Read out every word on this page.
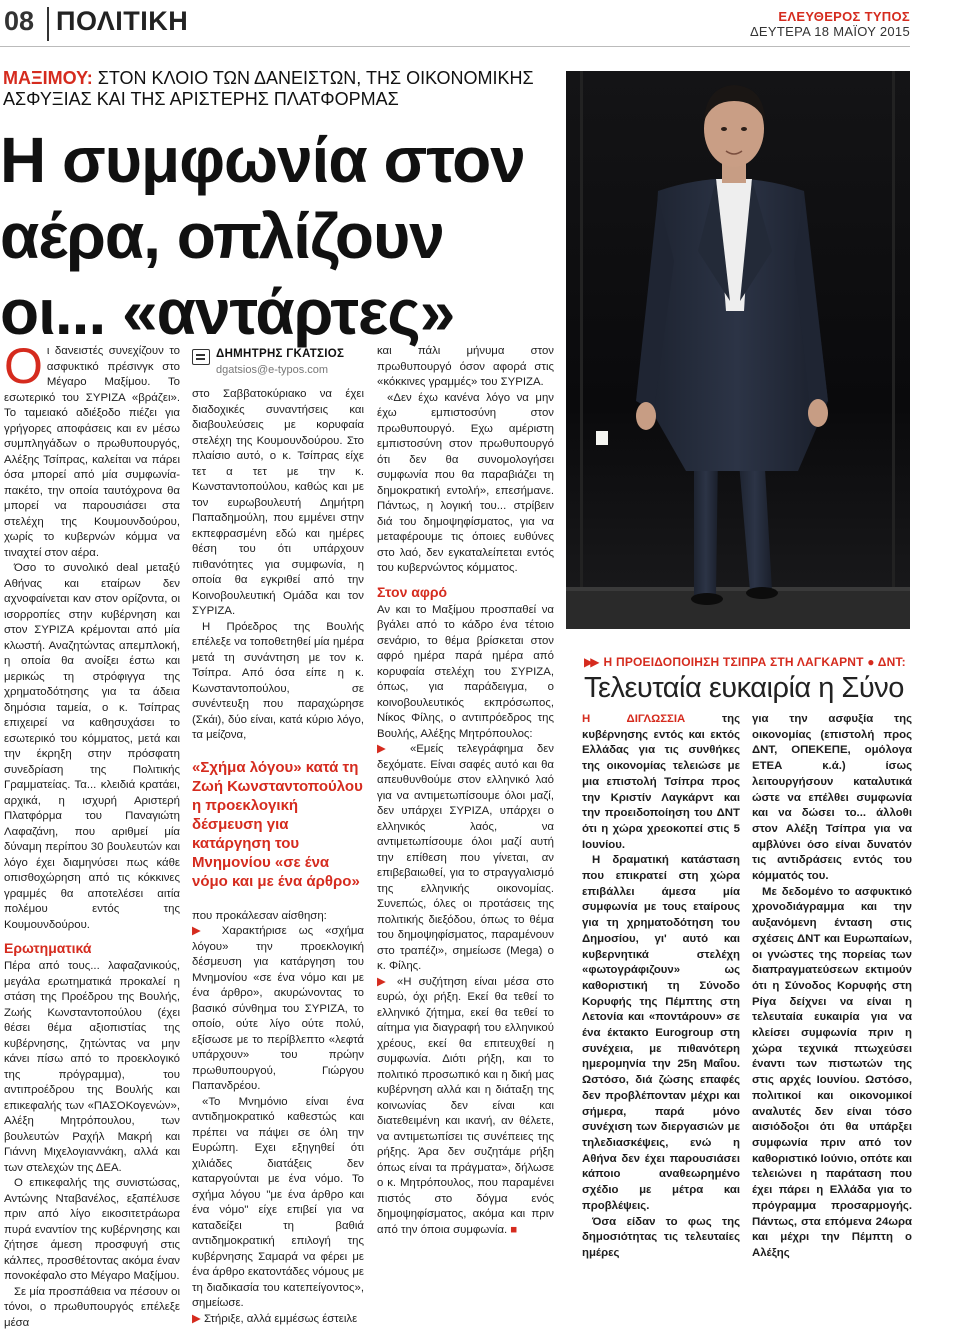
08 ΠΟΛΙΤΙΚΗ	ΕΛΕΥΘΕΡΟΣ ΤΥΠΟΣ
ΔΕΥΤΕΡΑ 18 ΜΑΪΟΥ 2015
ΜΑΞΙΜΟΥ: ΣΤΟΝ ΚΛΟΙΟ ΤΩΝ ΔΑΝΕΙΣΤΩΝ, ΤΗΣ ΟΙΚΟΝΟΜΙΚΗΣ ΑΣΦΥΞΙΑΣ ΚΑΙ ΤΗΣ ΑΡΙΣΤΕΡΗΣ ΠΛΑΤΦΟΡΜΑΣ
Η συμφωνία στον αέρα, οπλίζουν οι... «αντάρτες»

Οι δανειστές συνεχίζουν το ασφυκτικό πρέσινγκ στο Μέγαρο Μαξίμου. Το εσωτερικό του ΣΥΡΙΖΑ «βράζει». Το ταμειακό αδιέξοδο πιέζει για γρήγορες αποφάσεις και εν μέσω συμπληγάδων ο πρωθυπουργός, Αλέξης Τσίπρας, καλείται να πάρει όσα μπορεί από μία συμφωνία-πακέτο, την οποία ταυτόχρονα θα μπορεί να παρουσιάσει στα στελέχη της Κουμουνδούρου, χωρίς το κυβερνών κόμμα να τιναχτεί στον αέρα.

Όσο το συνολικό deal μεταξύ Αθήνας και εταίρων δεν αχνοφαίνεται καν στον ορίζοντα, οι ισορροπίες στην κυβέρνηση και στον ΣΥΡΙΖΑ κρέμονται από μία κλωστή. Αναζητώντας απεμπλοκή, η οποία θα ανοίξει έστω και μερικώς τη στρόφιγγα της χρηματοδότησης για τα άδεια δημόσια ταμεία, ο κ. Τσίπρας επιχειρεί να καθησυχάσει το εσωτερικό του κόμματος, μετά και την έκρηξη στην πρόσφατη συνεδρίαση της Πολιτικής Γραμματείας. Τα... κλειδιά κρατάει, αρχικά, η ισχυρή Αριστερή Πλατφόρμα του Παναγιώτη Λαφαζάνη, που αριθμεί μία δύναμη περίπου 30 βουλευτών και λόγο έχει διαμηνύσει πως κάθε οπισθοχώρηση από τις κόκκινες γραμμές θα αποτελέσει αιτία πολέμου εντός της Κουμουνδούρου.

Ερωτηματικά

Πέρα από τους... λαφαζανικούς, μεγάλα ερωτηματικά προκαλεί η στάση της Προέδρου της Βουλής, Ζωής Κωνσταντοπούλου (έχει θέσει θέμα αξιοπιστίας της κυβέρνησης, ζητώντας να μην κάνει πίσω από το προεκλογικό της πρόγραμμα), του αντιπροέδρου της Βουλής και επικεφαλής των «ΠΑΣΟΚογενών», Αλέξη Μητρόπουλου, των βουλευτών Ραχήλ Μακρή και Γιάννη Μιχελογιαννάκη, αλλά και των στελεχών της ΔΕΑ.

Ο επικεφαλής της συνιστώσας, Αντώνης Νταβανέλος, εξαπέλυσε πριν από λίγο εικοσιτετράωρα πυρά εναντίον της κυβέρνησης και ζήτησε άμεση προσφυγή στις κάλπες, προσθέτοντας ακόμα έναν πονοκέφαλο στο Μέγαρο Μαξίμου.

Σε μία προσπάθεια να πέσουν οι τόνοι, ο πρωθυπουργός επέλεξε μέσα

ΔΗΜΗΤΡΗΣ ΓΚΑΤΣΙΟΣ
dgatsios@e-typos.com

στο Σαββατοκύριακο να έχει διαδοχικές συναντήσεις και διαβουλεύσεις με κορυφαία στελέχη της Κουμουνδούρου. Στο πλαίσιο αυτό, ο κ. Τσίπρας είχε τετ α τετ με την κ. Κωνσταντοπούλου, καθώς και με τον ευρωβουλευτή Δημήτρη Παπαδημούλη, που εμμένει στην εκπεφρασμένη εδώ και ημέρες θέση του ότι υπάρχουν πιθανότητες για συμφωνία, η οποία θα εγκριθεί από την Κοινοβουλευτική Ομάδα και τον ΣΥΡΙΖΑ.

Η Πρόεδρος της Βουλής επέλεξε να τοποθετηθεί μία ημέρα μετά τη συνάντηση με τον κ. Τσίπρα. Από όσα είπε η κ. Κωνσταντοπούλου, σε συνέντευξη που παραχώρησε (Σκάι), δύο είναι, κατά κύριο λόγο, τα μείζονα,

«Σχήμα λόγου» κατά τη Ζωή Κωνσταντοπούλου η προεκλογική δέσμευση για κατάργηση του Μνημονίου «σε ένα νόμο και με ένα άρθρο»

που προκάλεσαν αίσθηση:

▶ Χαρακτήρισε ως «σχήμα λόγου» την προεκλογική δέσμευση για κατάργηση του Μνημονίου «σε ένα νόμο και με ένα άρθρο», ακυρώνοντας το βασικό σύνθημα του ΣΥΡΙΖΑ, το οποίο, ούτε λίγο ούτε πολύ, εξίσωσε με το περίβλεπτο «λεφτά υπάρχουν» του πρώην πρωθυπουργού, Γιώργου Παπανδρέου.

«Το Μνημόνιο είναι ένα αντιδημοκρατικό καθεστώς και πρέπει να πάψει σε όλη την Ευρώπη. Εχει εξηγηθεί ότι χιλιάδες διατάξεις δεν καταργούνται με ένα νόμο. Το σχήμα λόγου "με ένα άρθρο και ένα νόμο" είχε επιβεί για να καταδείξει τη βαθιά αντιδημοκρατική επιλογή της κυβέρνησης Σαμαρά να φέρει με ένα άρθρο εκατοντάδες νόμους με τη διαδικασία του κατεπείγοντος», σημείωσε.

▶ Στήριξε, αλλά εμμέσως έστειλε

και πάλι μήνυμα στον πρωθυπουργό όσον αφορά στις «κόκκινες γραμμές» του ΣΥΡΙΖΑ.

«Δεν έχω κανένα λόγο να μην έχω εμπιστοσύνη στον πρωθυπουργό. Εχω αμέριστη εμπιστοσύνη στον πρωθυπουργό ότι δεν θα συνομολογήσει συμφωνία που θα παραβιάζει τη δημοκρατική εντολή», επεσήμανε. Πάντως, η λογική του... στρίβειν διά του δημοψηφίσματος, για να μεταφέρουμε τις όποιες ευθύνες στο λαό, δεν εγκαταλείπεται εντός του κυβερνώντος κόμματος.

Στον αφρό

Αν και το Μαξίμου προσπαθεί να βγάλει από το κάδρο ένα τέτοιο σενάριο, το θέμα βρίσκεται στον αφρό ημέρα παρά ημέρα από κορυφαία στελέχη του ΣΥΡΙΖΑ, όπως, για παράδειγμα, ο κοινοβουλευτικός εκπρόσωπος, Νίκος Φίλης, ο αντιπρόεδρος της Βουλής, Αλέξης Μητρόπουλος:

▶ «Εμείς τελεγράφημα δεν δεχόματε. Είναι σαφές αυτό και θα απευθυνθούμε στον ελληνικό λαό για να αντιμετωπίσουμε όλοι μαζί, δεν υπάρχει ΣΥΡΙΖΑ, υπάρχει ο ελληνικός λαός, να αντιμετωπίσουμε όλοι μαζί αυτή την επίθεση που γίνεται, αν επιβεβαιωθεί, για το στραγγαλισμό της ελληνικής οικονομίας. Συνεπώς, όλες οι προτάσεις της πολιτικής διεξόδου, όπως το θέμα του δημοψηφίσματος, παραμένουν στο τραπέζι», σημείωσε (Mega) ο κ. Φίλης.

▶ «Η συζήτηση είναι μέσα στο ευρώ, όχι ρήξη. Εκεί θα τεθεί το ελληνικό ζήτημα, εκεί θα τεθεί το αίτημα για διαγραφή του ελληνικού χρέους, εκεί θα επιτευχθεί η συμφωνία. Διότι ρήξη, και το πολιτικό προσωπικό και η δική μας κυβέρνηση αλλά και η διάταξη της κοινωνίας δεν είναι και διατεθειμένη και ικανή, αν θέλετε, να αντιμετωπίσει τις συνέπειες της ρήξης. Άρα δεν συζητάμε ρήξη όπως είναι τα πράγματα», δήλωσε ο κ. Μητρόπουλος, που παραμένει πιστός στο δόγμα ενός δημοψηφίσματος, ακόμα και πριν από την όποια συμφωνία. ■

▶▶ Η ΠΡΟΕΙΔΟΠΟΙΗΣΗ ΤΣΙΠΡΑ ΣΤΗ ΛΑΓΚΑΡΝΤ ● ΔΝΤ:
Τελευταία ευκαιρία η Σύνο

Η ΔΙΓΛΩΣΣΙΑ της κυβέρνησης εντός και εκτός Ελλάδας για τις συνθήκες της οικονομίας τελειώσε με μια επιστολή Τσίπρα προς την Κριστίν Λαγκάρντ και την προειδοποίηση του ΔΝΤ ότι η χώρα χρεοκοπεί στις 5 Ιουνίου.

Η δραματική κατάσταση που επικρατεί στη χώρα επιβάλλει άμεσα μία συμφωνία με τους εταίρους για τη χρηματοδότηση του Δημοσίου, γι' αυτό και κυβερνητικά στελέχη «φωτογράφιζουν» ως καθοριστική τη Σύνοδο Κορυφής της Πέμπτης στη Λετονία και «ποντάρουν» σε ένα έκτακτο Eurogroup στη συνέχεια, με πιθανότερη ημερομηνία την 25η Μαΐου. Ωστόσο, διά ζώσης επαφές δεν προβλέπονταν μέχρι και σήμερα, παρά μόνο συνέχιση των διεργασιών με τηλεδιασκέψεις, ενώ η Αθήνα δεν έχει παρουσιάσει κάποιο αναθεωρημένο σχέδιο με μέτρα και προβλέψεις.

Όσα είδαν το φως της δημοσιότητας τις τελευταίες ημέρες

για την ασφυξία της οικονομίας (επιστολή προς ΔΝΤ, ΟΠΕΚΕΠΕ, ομόλογα ΕΤΕΑ κ.ά.) ίσως λειτουργήσουν καταλυτικά ώστε να επέλθει συμφωνία και να δώσει το... άλλοθι στον Αλέξη Τσίπρα για να αμβλύνει όσο είναι δυνατόν τις αντιδράσεις εντός του κόμματός του.

Με δεδομένο το ασφυκτικό χρονοδιάγραμμα και την αυξανόμενη ένταση στις σχέσεις ΔΝΤ και Ευρωπαίων, οι γνώστες της πορείας των διαπραγματεύσεων εκτιμούν ότι η Σύνοδος Κορυφής στη Ρίγα δείχνει να είναι η τελευταία ευκαιρία για να κλείσει συμφωνία πριν η χώρα τεχνικά πτωχεύσει έναντι των πιστωτών της στις αρχές Ιουνίου. Ωστόσο, πολιτικοί και οικονομικοί αναλυτές δεν είναι τόσο αισιόδοξοι ότι θα υπάρξει συμφωνία πριν από τον καθοριστικό Ιούνιο, οπότε και τελειώνει η παράταση που έχει πάρει η Ελλάδα για το πρόγραμμα προσαρμογής. Πάντως, στα επόμενα 24ωρα και μέχρι την Πέμπτη ο Αλέξης
